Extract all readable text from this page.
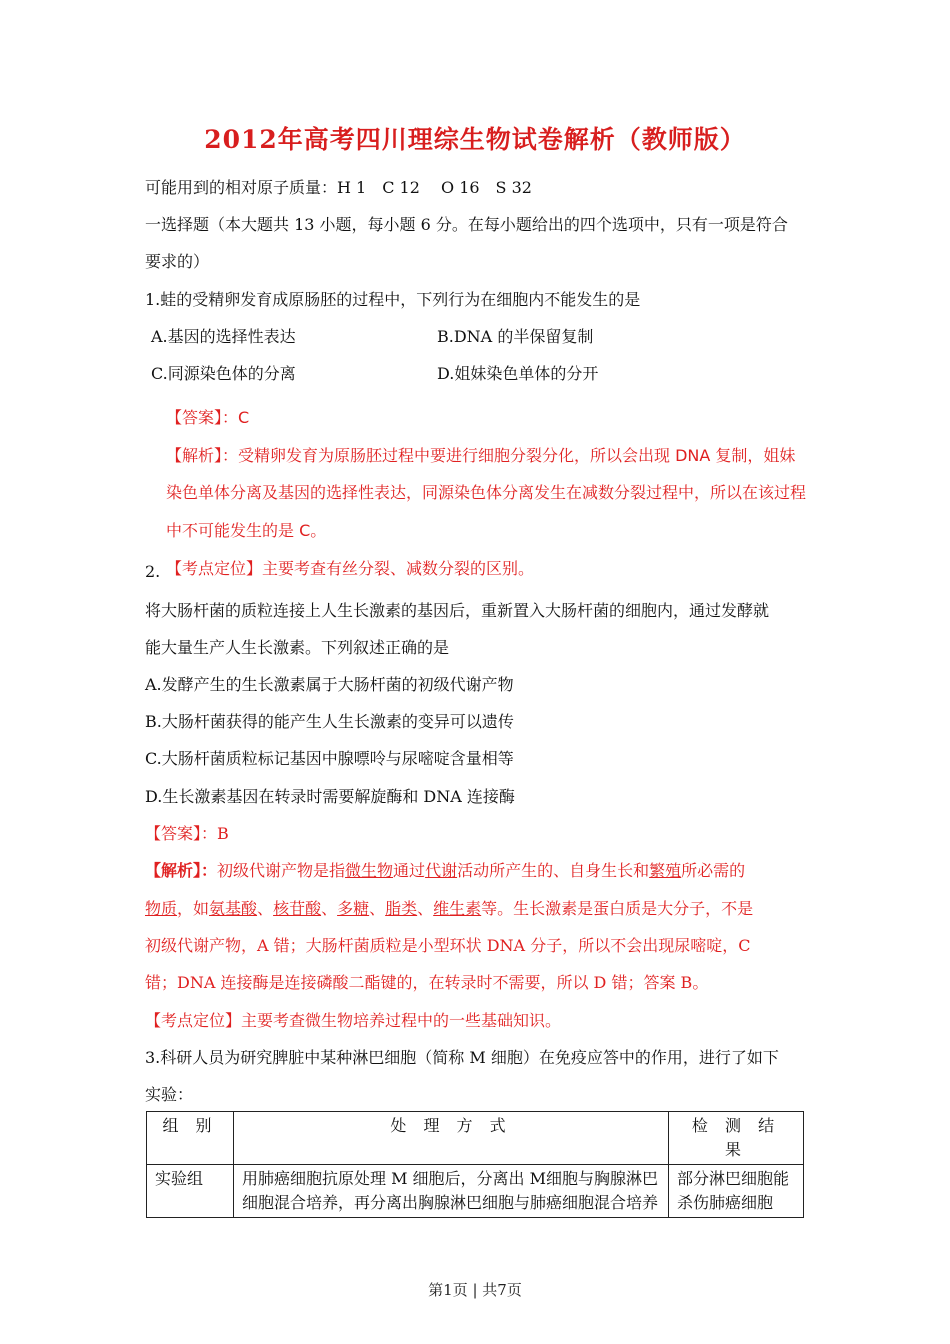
2012年高考四川理综生物试卷解析（教师版）
可能用到的相对原子质量：H 1　C 12　 O 16　S 32
一选择题（本大题共 13 小题，每小题 6 分。在每小题给出的四个选项中，只有一项是符合
要求的）
1.蛙的受精卵发育成原肠胚的过程中，下列行为在细胞内不能发生的是
A.基因的选择性表达	B.DNA 的半保留复制
C.同源染色体的分离	D.姐妹染色单体的分开
【答案】：C
【解析】：受精卵发育为原肠胚过程中要进行细胞分裂分化，所以会出现 DNA 复制，姐妹
染色单体分离及基因的选择性表达，同源染色体分离发生在减数分裂过程中，所以在该过程
中不可能发生的是 C。
2. 【考点定位】主要考查有丝分裂、减数分裂的区别。
将大肠杆菌的质粒连接上人生长激素的基因后，重新置入大肠杆菌的细胞内，通过发酵就
能大量生产人生长激素。下列叙述正确的是
A.发酵产生的生长激素属于大肠杆菌的初级代谢产物
B.大肠杆菌获得的能产生人生长激素的变异可以遗传
C.大肠杆菌质粒标记基因中腺嘌呤与尿嘧啶含量相等
D.生长激素基因在转录时需要解旋酶和 DNA 连接酶
【答案】：B
【解析】：初级代谢产物是指微生物通过代谢活动所产生的、自身生长和繁殖所必需的
物质，如氨基酸、核苷酸、多糖、脂类、维生素等。生长激素是蛋白质是大分子，不是
初级代谢产物，A 错；大肠杆菌质粒是小型环状 DNA 分子，所以不会出现尿嘧啶，C
错；DNA 连接酶是连接磷酸二酯键的，在转录时不需要，所以 D 错；答案 B。
【考点定位】主要考查微生物培养过程中的一些基础知识。
3.科研人员为研究脾脏中某种淋巴细胞（简称 M 细胞）在免疫应答中的作用，进行了如下
实验：
组 别	处 理 方 式	检 测 结 果
实验组	用肺癌细胞抗原处理 M 细胞后，分离出 M细胞与胸腺淋巴细胞混合培养，再分离出胸腺淋巴细胞与肺癌细胞混合培养	部分淋巴细胞能杀伤肺癌细胞
第1页 | 共7页
